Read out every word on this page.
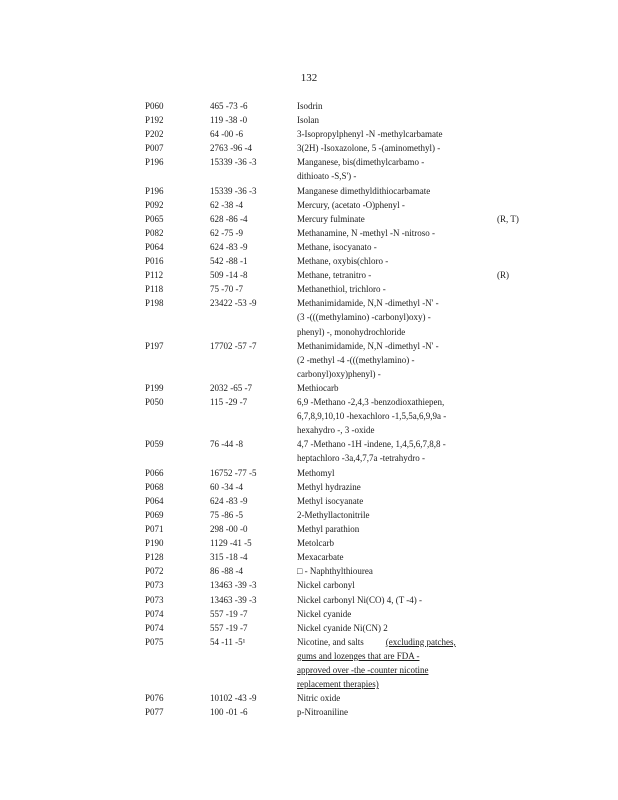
132
P060	465 -73 -6	Isodrin
P192	119 -38 -0	Isolan
P202	64 -00 -6	3-Isopropylphenyl -N -methylcarbamate
P007	2763 -96 -4	3(2H) -Isoxazolone, 5 -(aminomethyl) -
P196	15339 -36 -3	Manganese, bis(dimethylcarbamo -
dithioato -S,S') -
P196	15339 -36 -3	Manganese dimethyldithiocarbamate
P092	62 -38 -4	Mercury, (acetato -O)phenyl -
P065	628 -86 -4	Mercury fulminate	(R, T)
P082	62 -75 -9	Methanamine, N -methyl -N -nitroso -
P064	624 -83 -9	Methane, isocyanato -
P016	542 -88 -1	Methane, oxybis(chloro -
P112	509 -14 -8	Methane, tetranitro -	(R)
P118	75 -70 -7	Methanethiol, trichloro -
P198	23422 -53 -9	Methanimidamide, N,N -dimethyl -N' -
(3 -(((methylamino) -carbonyl)oxy) -
phenyl) -, monohydrochloride
P197	17702 -57 -7	Methanimidamide, N,N -dimethyl -N' -
(2 -methyl -4 -(((methylamino) -
carbonyl)oxy)phenyl) -
P199	2032 -65 -7	Methiocarb
P050	115 -29 -7	6,9 -Methano -2,4,3 -benzodioxathiepen,
6,7,8,9,10,10 -hexachloro -1,5,5a,6,9,9a -
hexahydro -, 3 -oxide
P059	76 -44 -8	4,7 -Methano -1H -indene, 1,4,5,6,7,8,8 -
heptachloro -3a,4,7,7a -tetrahydro -
P066	16752 -77 -5	Methomyl
P068	60 -34 -4	Methyl hydrazine
P064	624 -83 -9	Methyl isocyanate
P069	75 -86 -5	2-Methyllactonitrile
P071	298 -00 -0	Methyl parathion
P190	1129 -41 -5	Metolcarb
P128	315 -18 -4	Mexacarbate
P072	86 -88 -4	□ - Naphthylthiourea
P073	13463 -39 -3	Nickel carbonyl
P073	13463 -39 -3	Nickel carbonyl Ni(CO) 4, (T -4) -
P074	557 -19 -7	Nickel cyanide
P074	557 -19 -7	Nickel cyanide Ni(CN) 2
P075	54 -11 -5¹	Nicotine, and salts (excluding patches,
gums and lozenges that are FDA -
approved over -the -counter nicotine
replacement therapies)
P076	10102 -43 -9	Nitric oxide
P077	100 -01 -6	p-Nitroaniline
